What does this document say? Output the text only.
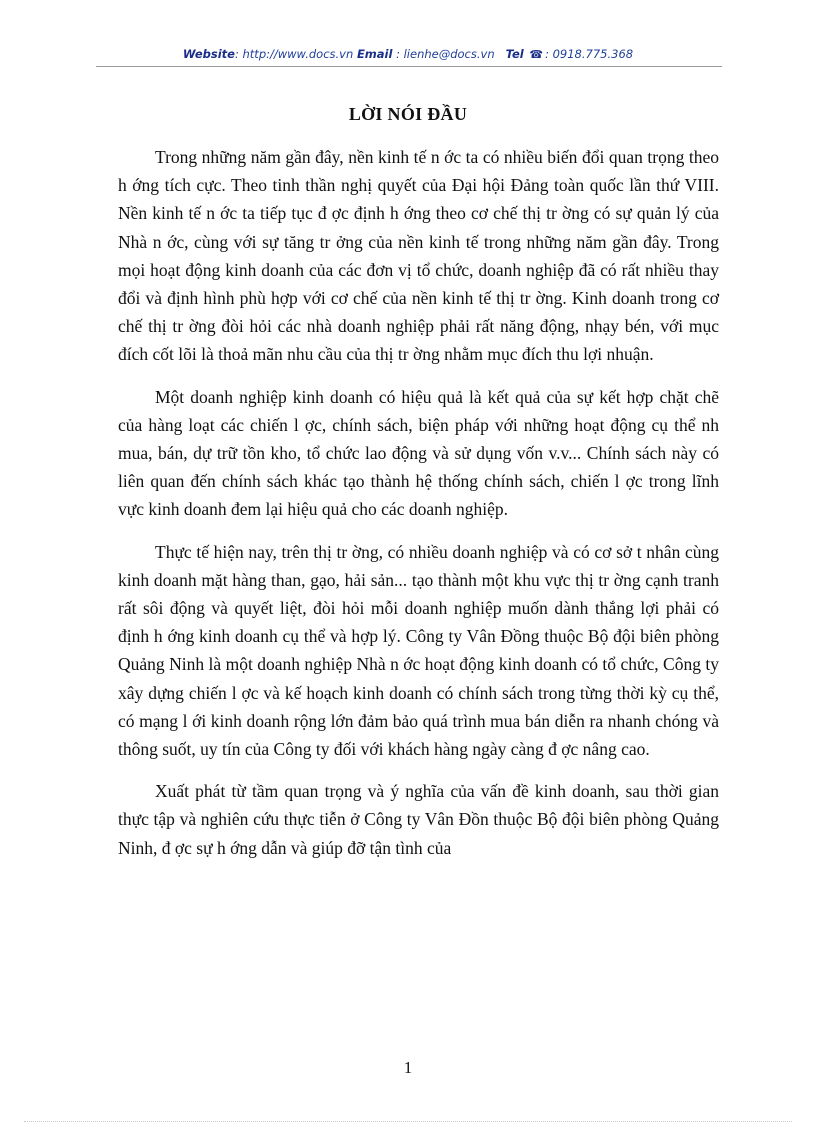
Website: http://www.docs.vn Email : lienhe@docs.vn Tel ☎ : 0918.775.368
LỜI NÓI ĐẦU

Trong những năm gần đây, nền kinh tế n ớc ta có nhiều biến đổi quan trọng theo h ớng tích cực. Theo tinh thần nghị quyết của Đại hội Đảng toàn quốc lần thứ VIII. Nền kinh tế n ớc ta tiếp tục đ ợc định h ớng theo cơ chế thị tr ờng có sự quản lý của Nhà n ớc, cùng với sự tăng tr ởng của nền kinh tế trong những năm gần đây. Trong mọi hoạt động kinh doanh của các đơn vị tổ chức, doanh nghiệp đã có rất nhiều thay đổi và định hình phù hợp với cơ chế của nền kinh tế thị tr ờng. Kinh doanh trong cơ chế thị tr ờng đòi hỏi các nhà doanh nghiệp phải rất năng động, nhạy bén, với mục đích cốt lõi là thoả mãn nhu cầu của thị tr ờng nhằm mục đích thu lợi nhuận.

Một doanh nghiệp kinh doanh có hiệu quả là kết quả của sự kết hợp chặt chẽ của hàng loạt các chiến l ợc, chính sách, biện pháp với những hoạt động cụ thể nh mua, bán, dự trữ tồn kho, tổ chức lao động và sử dụng vốn v.v... Chính sách này có liên quan đến chính sách khác tạo thành hệ thống chính sách, chiến l ợc trong lĩnh vực kinh doanh đem lại hiệu quả cho các doanh nghiệp.

Thực tế hiện nay, trên thị tr ờng, có nhiều doanh nghiệp và có cơ sở t nhân cùng kinh doanh mặt hàng than, gạo, hải sản... tạo thành một khu vực thị tr ờng cạnh tranh rất sôi động và quyết liệt, đòi hỏi mỗi doanh nghiệp muốn dành thắng lợi phải có định h ớng kinh doanh cụ thể và hợp lý. Công ty Vân Đồng thuộc Bộ đội biên phòng Quảng Ninh là một doanh nghiệp Nhà n ớc hoạt động kinh doanh có tổ chức, Công ty xây dựng chiến l ợc và kế hoạch kinh doanh có chính sách trong từng thời kỳ cụ thể, có mạng l ới kinh doanh rộng lớn đảm bảo quá trình mua bán diễn ra nhanh chóng và thông suốt, uy tín của Công ty đối với khách hàng ngày càng đ ợc nâng cao.

Xuất phát từ tầm quan trọng và ý nghĩa của vấn đề kinh doanh, sau thời gian thực tập và nghiên cứu thực tiễn ở Công ty Vân Đồn thuộc Bộ đội biên phòng Quảng Ninh, đ ợc sự h ớng dẫn và giúp đỡ tận tình của

1
